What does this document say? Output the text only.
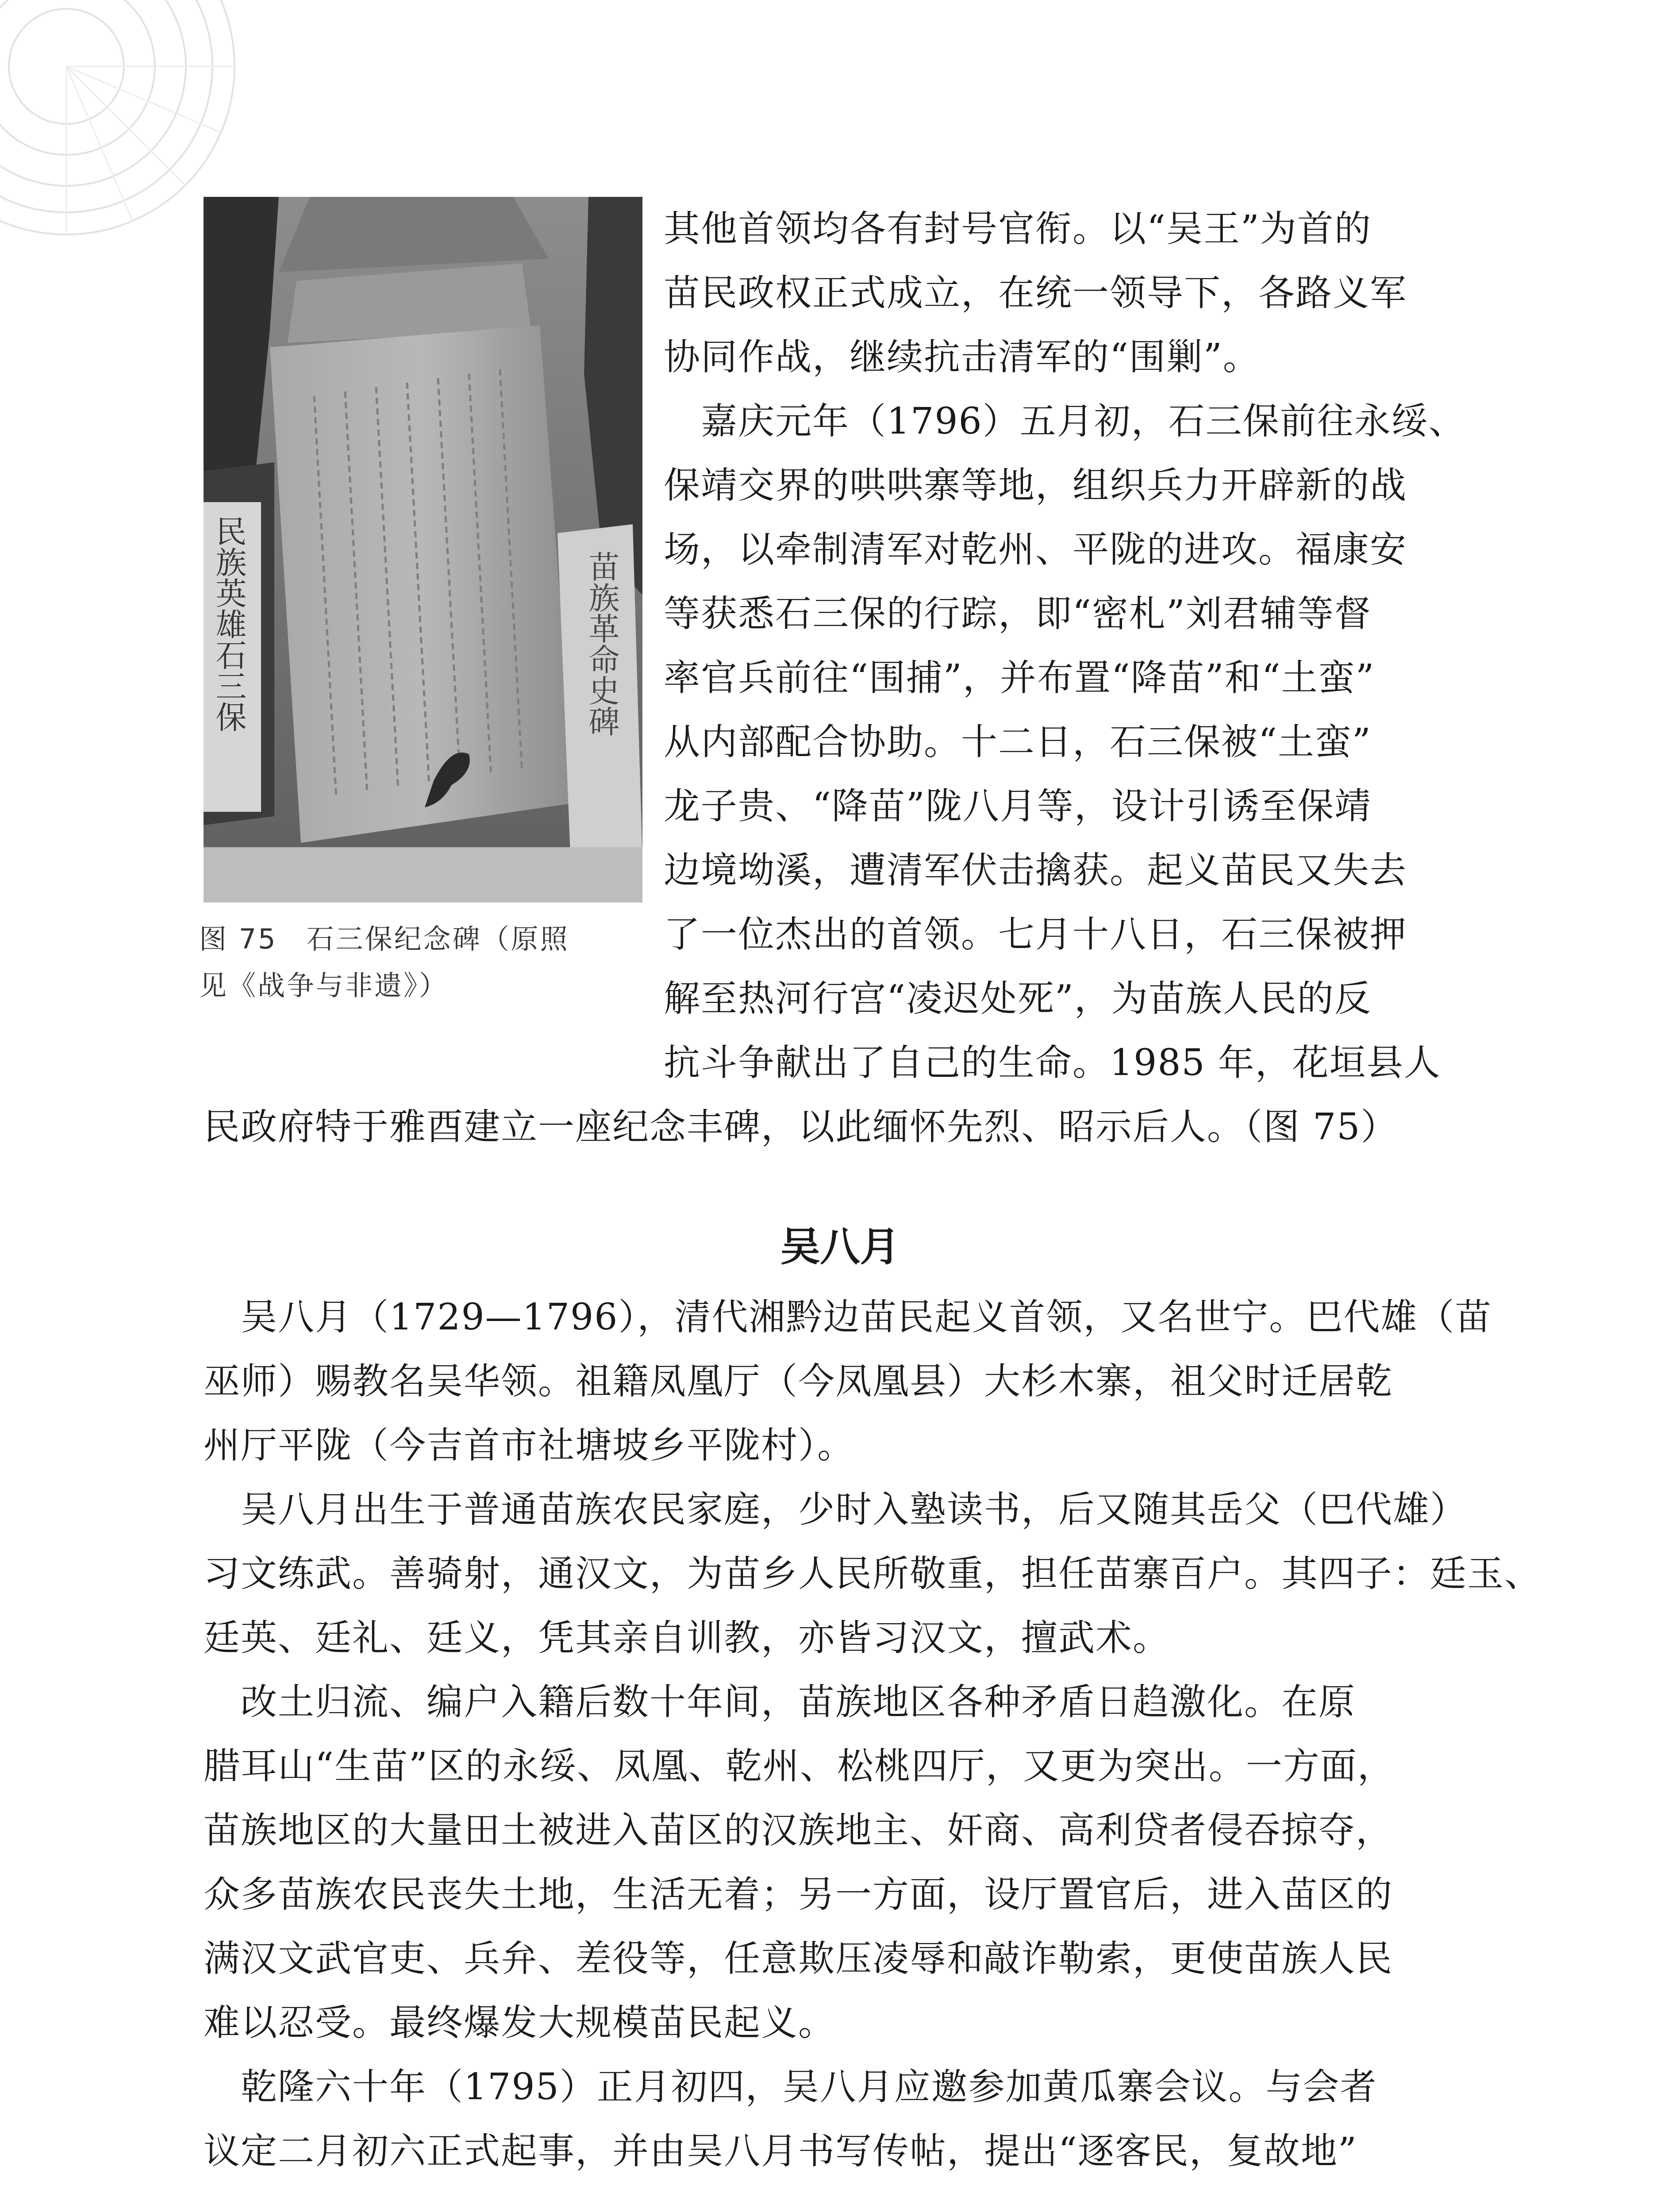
民族英雄石三保	苗族革命史碑

图 75　石三保纪念碑（原照

见《战争与非遗》）

其他首领均各有封号官衔。以“吴王”为首的
苗民政权正式成立，在统一领导下，各路义军
协同作战，继续抗击清军的“围剿”。
　嘉庆元年（1796）五月初，石三保前往永绥、
保靖交界的哄哄寨等地，组织兵力开辟新的战
场，以牵制清军对乾州、平陇的进攻。福康安
等获悉石三保的行踪，即“密札”刘君辅等督
率官兵前往“围捕”，并布置“降苗”和“土蛮”
从内部配合协助。十二日，石三保被“土蛮”
龙子贵、“降苗”陇八月等，设计引诱至保靖
边境坳溪，遭清军伏击擒获。起义苗民又失去
了一位杰出的首领。七月十八日，石三保被押
解至热河行宫“凌迟处死”，为苗族人民的反
抗斗争献出了自己的生命。1985 年，花垣县人
民政府特于雅酉建立一座纪念丰碑，以此缅怀先烈、昭示后人。（图 75）
吴八月
　吴八月（1729—1796），清代湘黔边苗民起义首领，又名世宁。巴代雄（苗
巫师）赐教名吴华领。祖籍凤凰厅（今凤凰县）大杉木寨，祖父时迁居乾
州厅平陇（今吉首市社塘坡乡平陇村）。
　吴八月出生于普通苗族农民家庭，少时入塾读书，后又随其岳父（巴代雄）
习文练武。善骑射，通汉文，为苗乡人民所敬重，担任苗寨百户。其四子：廷玉、
廷英、廷礼、廷义，凭其亲自训教，亦皆习汉文，擅武术。
　改土归流、编户入籍后数十年间，苗族地区各种矛盾日趋激化。在原
腊耳山“生苗”区的永绥、凤凰、乾州、松桃四厅，又更为突出。一方面，
苗族地区的大量田土被进入苗区的汉族地主、奸商、高利贷者侵吞掠夺，
众多苗族农民丧失土地，生活无着；另一方面，设厅置官后，进入苗区的
满汉文武官吏、兵弁、差役等，任意欺压凌辱和敲诈勒索，更使苗族人民
难以忍受。最终爆发大规模苗民起义。
　乾隆六十年（1795）正月初四，吴八月应邀参加黄瓜寨会议。与会者
议定二月初六正式起事，并由吴八月书写传帖，提出“逐客民，复故地”
